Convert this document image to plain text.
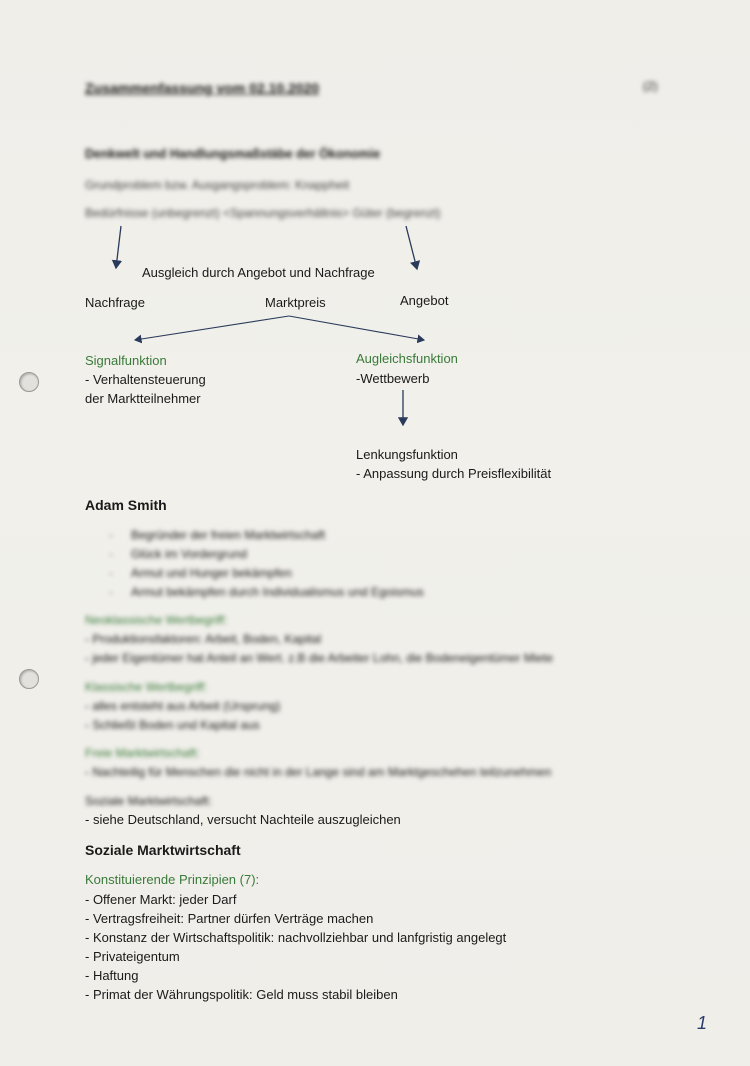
Zusammenfassung vom 02.10.2020	(2)
Denkwelt und Handlungsmaßstäbe der Ökonomie
Grundproblem bzw. Ausgangsproblem: Knappheit
Bedürfnisse (unbegrenzt) <Spannungsverhältnis> Güter (begrenzt)
Ausgleich durch Angebot und Nachfrage
Nachfrage	Marktpreis	Angebot
Signalfunktion
- Verhaltensteuerung
der Marktteilnehmer
Augleichsfunktion
-Wettbewerb
Lenkungsfunktion
- Anpassung durch Preisflexibilität
Adam Smith
- Begründer der freien Marktwirtschaft
- Glück im Vordergrund
- Armut und Hunger bekämpfen
- Armut bekämpfen durch Individualismus und Egoismus
Neoklassische Wertbegriff:
- Produktionsfaktoren: Arbeit, Boden, Kapital
- jeder Eigentümer hat Anteil an Wert. z.B die Arbeiter Lohn, die Bodeneigentümer Miete
Klassische Wertbegriff:
- alles entsteht aus Arbeit (Ursprung)
- Schließt Boden und Kapital aus
Freie Marktwirtschaft:
- Nachteilig für Menschen die nicht in der Lange sind am Marktgeschehen teilzunehmen
Soziale Marktwirtschaft:
- siehe Deutschland, versucht Nachteile auszugleichen
Soziale Marktwirtschaft
Konstituierende Prinzipien (7):
- Offener Markt: jeder Darf
- Vertragsfreiheit: Partner dürfen Verträge machen
- Konstanz der Wirtschaftspolitik: nachvollziehbar und lanfgristig angelegt
- Privateigentum
- Haftung
- Primat der Währungspolitik: Geld muss stabil bleiben
1
